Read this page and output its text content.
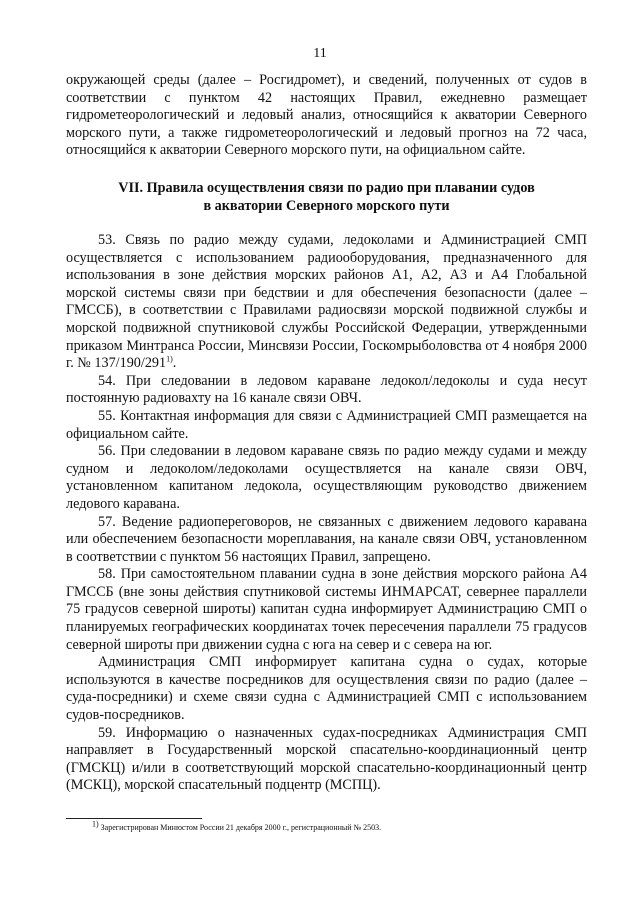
11

окружающей среды (далее – Росгидромет), и сведений, полученных от судов в соответствии с пунктом 42 настоящих Правил, ежедневно размещает гидрометеорологический и ледовый анализ, относящийся к акватории Северного морского пути, а также гидрометеорологический и ледовый прогноз на 72 часа, относящийся к акватории Северного морского пути, на официальном сайте.

VII. Правила осуществления связи по радио при плавании судов
в акватории Северного морского пути

53. Связь по радио между судами, ледоколами и Администрацией СМП осуществляется с использованием радиооборудования, предназначенного для использования в зоне действия морских районов А1, А2, А3 и А4 Глобальной морской системы связи при бедствии и для обеспечения безопасности (далее – ГМССБ), в соответствии с Правилами радиосвязи морской подвижной службы и морской подвижной спутниковой службы Российской Федерации, утвержденными приказом Минтранса России, Минсвязи России, Госкомрыболовства от 4 ноября 2000 г. № 137/190/291$^{1)}$.

54. При следовании в ледовом караване ледокол/ледоколы и суда несут постоянную радиовахту на 16 канале связи ОВЧ.

55. Контактная информация для связи с Администрацией СМП размещается на официальном сайте.

56. При следовании в ледовом караване связь по радио между судами и между судном и ледоколом/ледоколами осуществляется на канале связи ОВЧ, установленном капитаном ледокола, осуществляющим руководство движением ледового каравана.

57. Ведение радиопереговоров, не связанных с движением ледового каравана или обеспечением безопасности мореплавания, на канале связи ОВЧ, установленном в соответствии с пунктом 56 настоящих Правил, запрещено.

58. При самостоятельном плавании судна в зоне действия морского района А4 ГМССБ (вне зоны действия спутниковой системы ИНМАРСАТ, севернее параллели 75 градусов северной широты) капитан судна информирует Администрацию СМП о планируемых географических координатах точек пересечения параллели 75 градусов северной широты при движении судна с юга на север и с севера на юг.

Администрация СМП информирует капитана судна о судах, которые используются в качестве посредников для осуществления связи по радио (далее – суда-посредники) и схеме связи судна с Администрацией СМП с использованием судов-посредников.

59. Информацию о назначенных судах-посредниках Администрация СМП направляет в Государственный морской спасательно-координационный центр (ГМСКЦ) и/или в соответствующий морской спасательно-координационный центр (МСКЦ), морской спасательный подцентр (МСПЦ).

$^{1)}$ Зарегистрирован Минюстом России 21 декабря 2000 г., регистрационный № 2503.
